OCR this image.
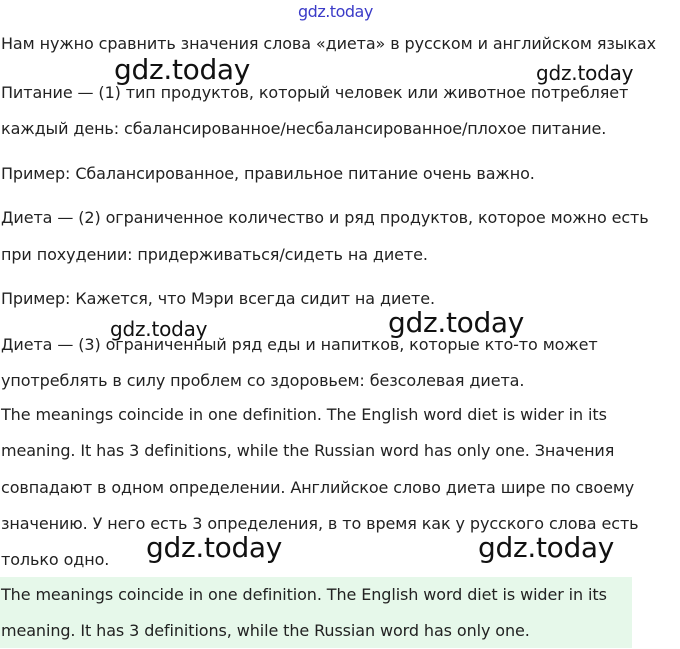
gdz.today
Нам нужно сравнить значения слова «диета» в русском и английском языках
gdz.today	gdz.today
Питание — (1) тип продуктов, который человек или животное потребляет
каждый день: сбалансированное/несбалансированное/плохое питание.
Пример: Сбалансированное, правильное питание очень важно.
Диета — (2) ограниченное количество и ряд продуктов, которое можно есть
при похудении: придерживаться/сидеть на диете.
Пример: Кажется, что Мэри всегда сидит на диете.
gdz.today	gdz.today
Диета — (3) ограниченный ряд еды и напитков, которые кто-то может
употреблять в силу проблем со здоровьем: безсолевая диета.
The meanings coincide in one definition. The English word diet is wider in its
meaning. It has 3 definitions, while the Russian word has only one. Значения
совпадают в одном определении. Английское слово диета шире по своему
значению. У него есть 3 определения, в то время как у русского слова есть
только одно. gdz.today	gdz.today
The meanings coincide in one definition. The English word diet is wider in its
meaning. It has 3 definitions, while the Russian word has only one.
